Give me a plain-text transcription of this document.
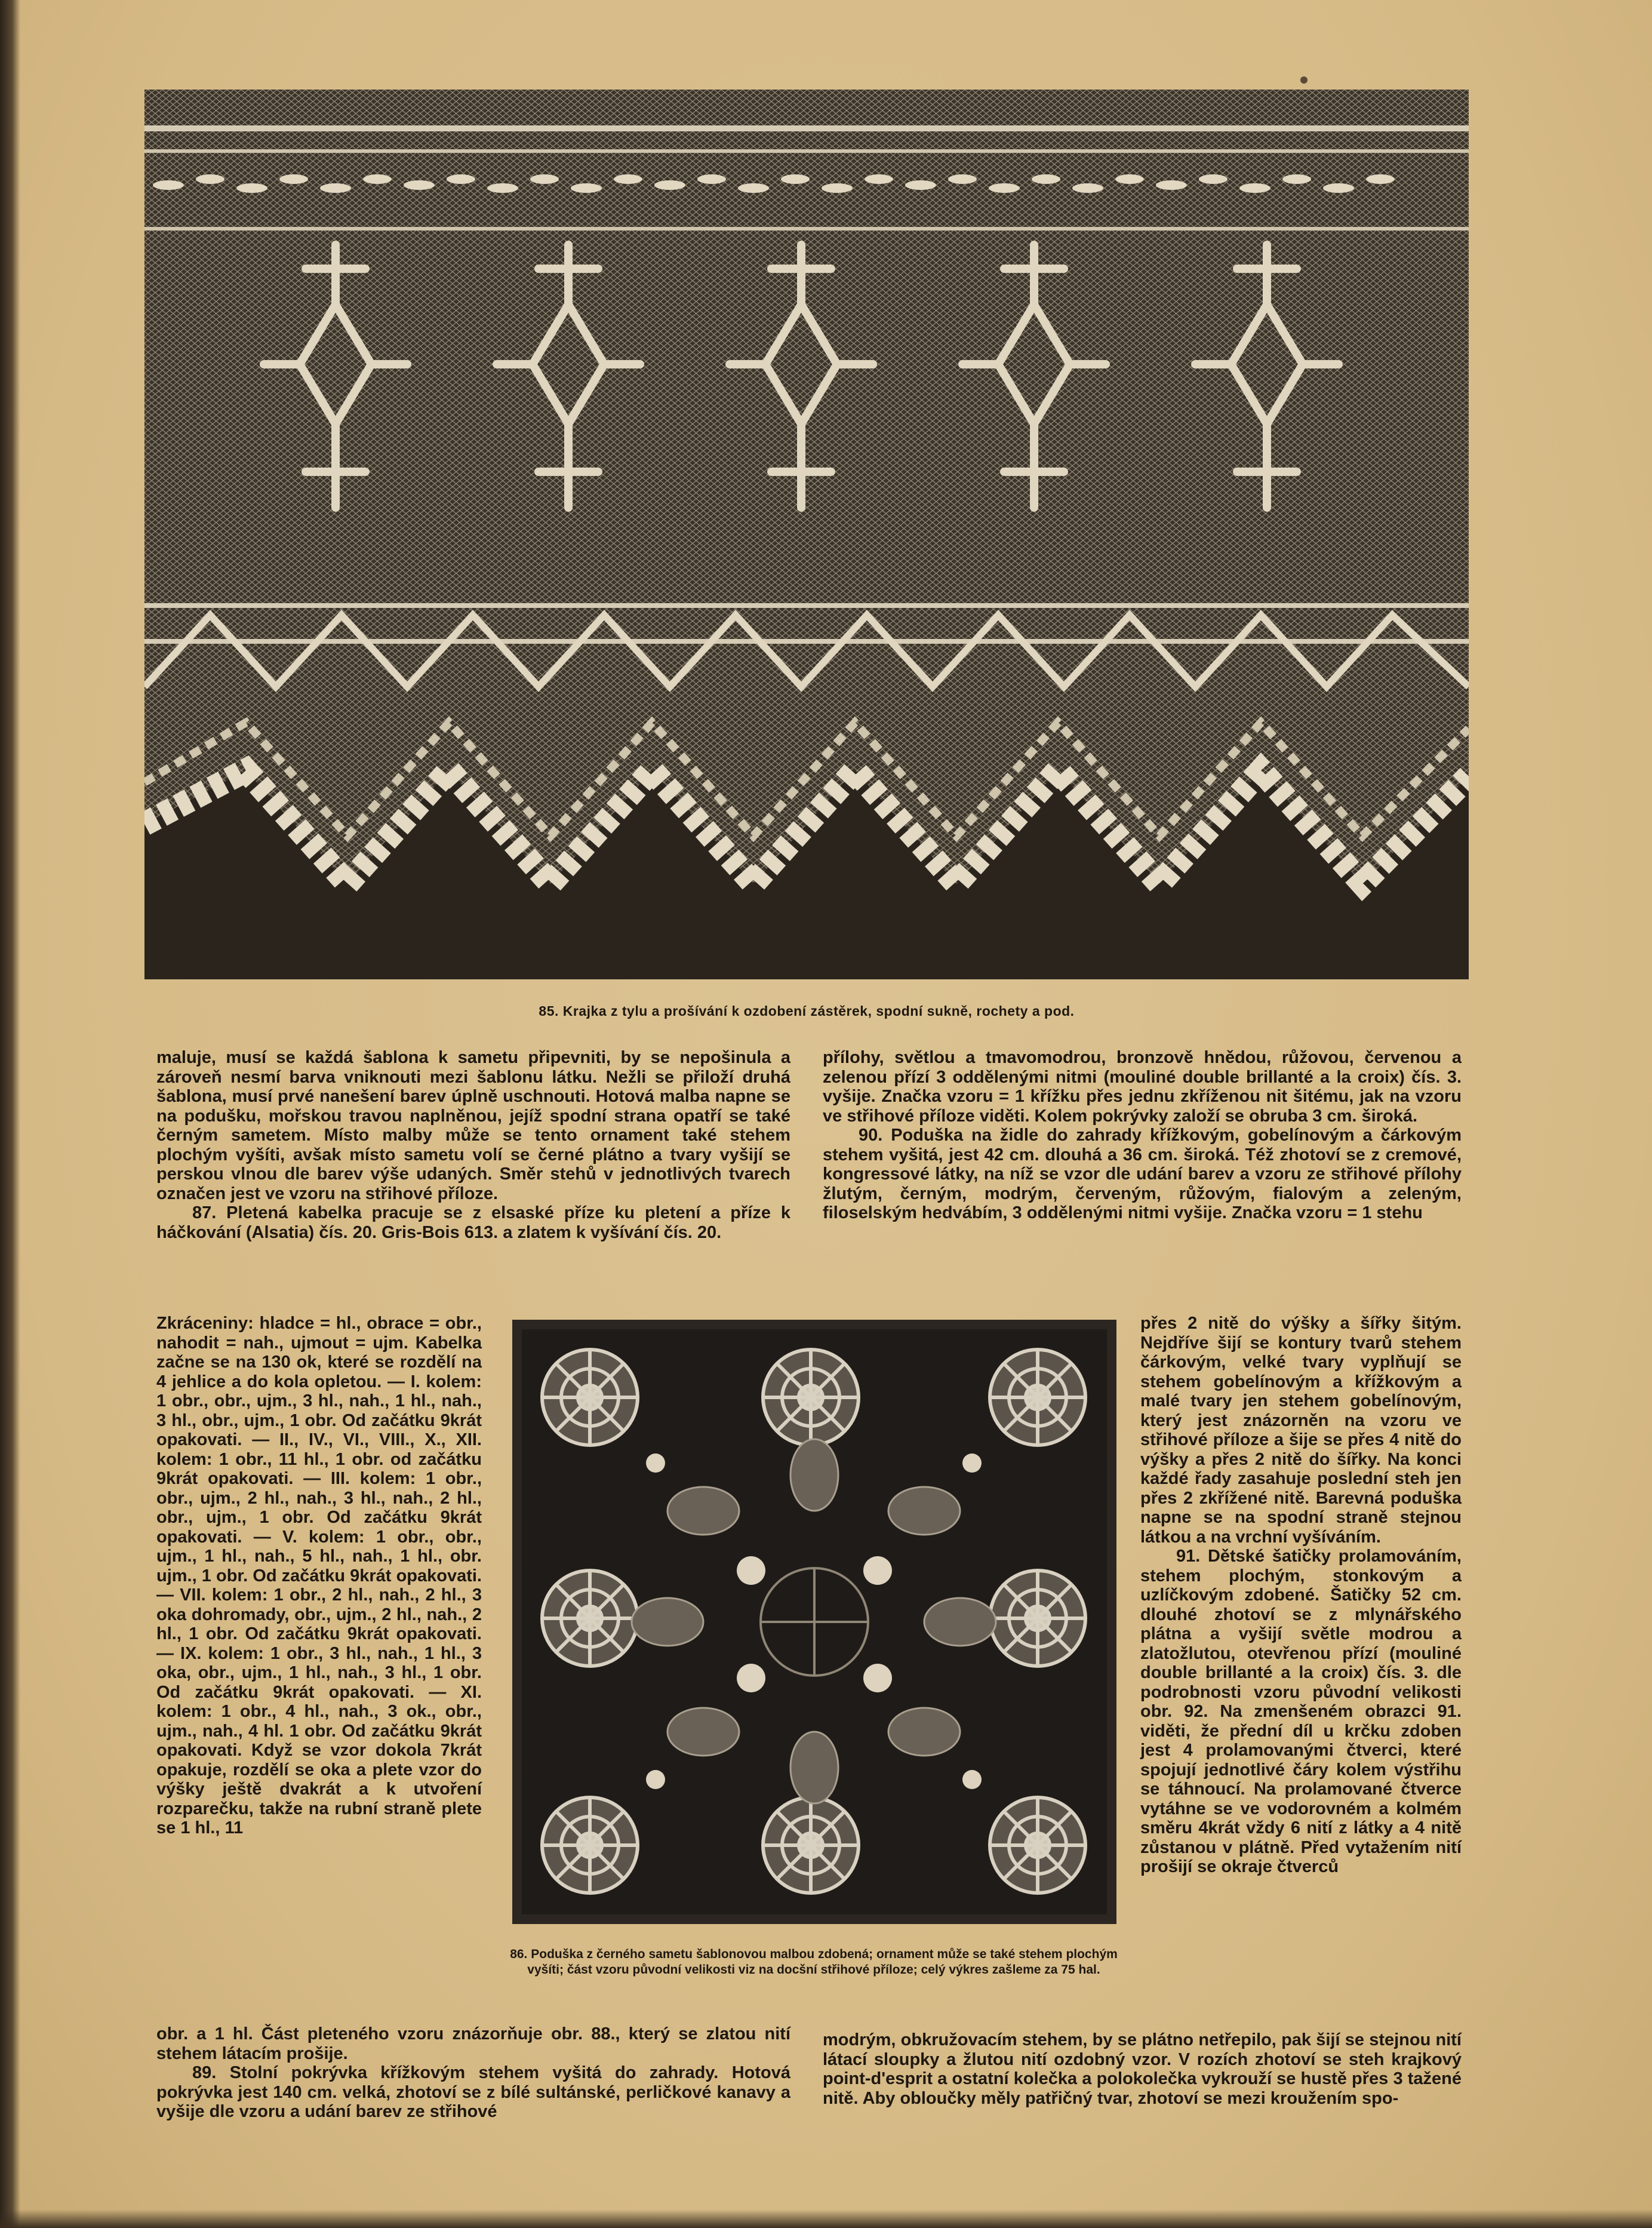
85. Krajka z tylu a prošívání k ozdobení zástěrek, spodní sukně, rochety a pod.
86. Poduška z černého sametu šablonovou malbou zdobená; ornament může se také stehem plochým vyšíti; část vzoru původní velikosti viz na docšní střihové příloze; celý výkres zašleme za 75 hal.

maluje, musí se každá šablona k sametu připevniti, by se nepošinula a zároveň nesmí barva vniknouti mezi šablonu látku. Nežli se přiloží druhá šablona, musí prvé nanešení barev úplně uschnouti. Hotová malba napne se na podušku, mořskou travou naplněnou, jejíž spodní strana opatří se také černým sametem. Místo malby může se tento ornament také stehem plochým vyšíti, avšak místo sametu volí se černé plátno a tvary vyšijí se perskou vlnou dle barev výše udaných. Směr stehů v jednotlivých tvarech označen jest ve vzoru na střihové příloze.

87. Pletená kabelka pracuje se z elsaské příze ku pletení a příze k háčkování (Alsatia) čís. 20. Gris-Bois 613. a zlatem k vyšívání čís. 20.

Zkráceniny: hladce = hl., obrace = obr., nahodit = nah., ujmout = ujm. Kabelka začne se na 130 ok, které se rozdělí na 4 jehlice a do kola opletou. — I. kolem: 1 obr., obr., ujm., 3 hl., nah., 1 hl., nah., 3 hl., obr., ujm., 1 obr. Od začátku 9krát opakovati. — II., IV., VI., VIII., X., XII. kolem: 1 obr., 11 hl., 1 obr. od začátku 9krát opakovati. — III. kolem: 1 obr., obr., ujm., 2 hl., nah., 3 hl., nah., 2 hl., obr., ujm., 1 obr. Od začátku 9krát opakovati. — V. kolem: 1 obr., obr., ujm., 1 hl., nah., 5 hl., nah., 1 hl., obr. ujm., 1 obr. Od začátku 9krát opakovati. — VII. kolem: 1 obr., 2 hl., nah., 2 hl., 3 oka dohromady, obr., ujm., 2 hl., nah., 2 hl., 1 obr. Od začátku 9krát opakovati. — IX. kolem: 1 obr., 3 hl., nah., 1 hl., 3 oka, obr., ujm., 1 hl., nah., 3 hl., 1 obr. Od začátku 9krát opakovati. — XI. kolem: 1 obr., 4 hl., nah., 3 ok., obr., ujm., nah., 4 hl. 1 obr. Od začátku 9krát opakovati. Když se vzor dokola 7krát opakuje, rozdělí se oka a plete vzor do výšky ještě dvakrát a k utvoření rozparečku, takže na rubní straně plete se 1 hl., 11

obr. a 1 hl. Část pleteného vzoru znázorňuje obr. 88., který se zlatou nití stehem látacím prošije.

89. Stolní pokrývka křížkovým stehem vyšitá do zahrady. Hotová pokrývka jest 140 cm. velká, zhotoví se z bílé sultánské, perličkové kanavy a vyšije dle vzoru a udání barev ze střihové

přílohy, světlou a tmavomodrou, bronzově hnědou, růžovou, červenou a zelenou přízí 3 oddělenými nitmi (mouliné double brillanté a la croix) čís. 3. vyšije. Značka vzoru = 1 křížku přes jednu zkříženou nit šitému, jak na vzoru ve střihové příloze viděti. Kolem pokrývky založí se obruba 3 cm. široká.

90. Poduška na židle do zahrady křížkovým, gobelínovým a čárkovým stehem vyšitá, jest 42 cm. dlouhá a 36 cm. široká. Též zhotoví se z cremové, kongressové látky, na níž se vzor dle udání barev a vzoru ze střihové přílohy žlutým, černým, modrým, červeným, růžovým, fialovým a zeleným, filoselským hedvábím, 3 oddělenými nitmi vyšije. Značka vzoru = 1 stehu

přes 2 nitě do výšky a šířky šitým. Nejdříve šijí se kontury tvarů stehem čárkovým, velké tvary vyplňují se stehem gobelínovým a křížkovým a malé tvary jen stehem gobelínovým, který jest znázorněn na vzoru ve střihové příloze a šije se přes 4 nitě do výšky a přes 2 nitě do šířky. Na konci každé řady zasahuje poslední steh jen přes 2 zkřížené nitě. Barevná poduška napne se na spodní straně stejnou látkou a na vrchní vyšíváním.

91. Dětské šatičky prolamováním, stehem plochým, stonkovým a uzlíčkovým zdobené. Šatičky 52 cm. dlouhé zhotoví se z mlynářského plátna a vyšijí světle modrou a zlatožlutou, otevřenou přízí (mouliné double brillanté a la croix) čís. 3. dle podrobnosti vzoru původní velikosti obr. 92. Na zmenšeném obrazci 91. viděti, že přední díl u krčku zdoben jest 4 prolamovanými čtverci, které spojují jednotlivé čáry kolem výstřihu se táhnoucí. Na prolamované čtverce vytáhne se ve vodorovném a kolmém směru 4krát vždy 6 nití z látky a 4 nitě zůstanou v plátně. Před vytažením nití prošijí se okraje čtverců

modrým, obkružovacím stehem, by se plátno netřepilo, pak šijí se stejnou nití látací sloupky a žlutou nití ozdobný vzor. V rozích zhotoví se steh krajkový point-d'esprit a ostatní kolečka a polokolečka vykrouží se hustě přes 3 tažené nitě. Aby obloučky měly patřičný tvar, zhotoví se mezi kroužením spo-
